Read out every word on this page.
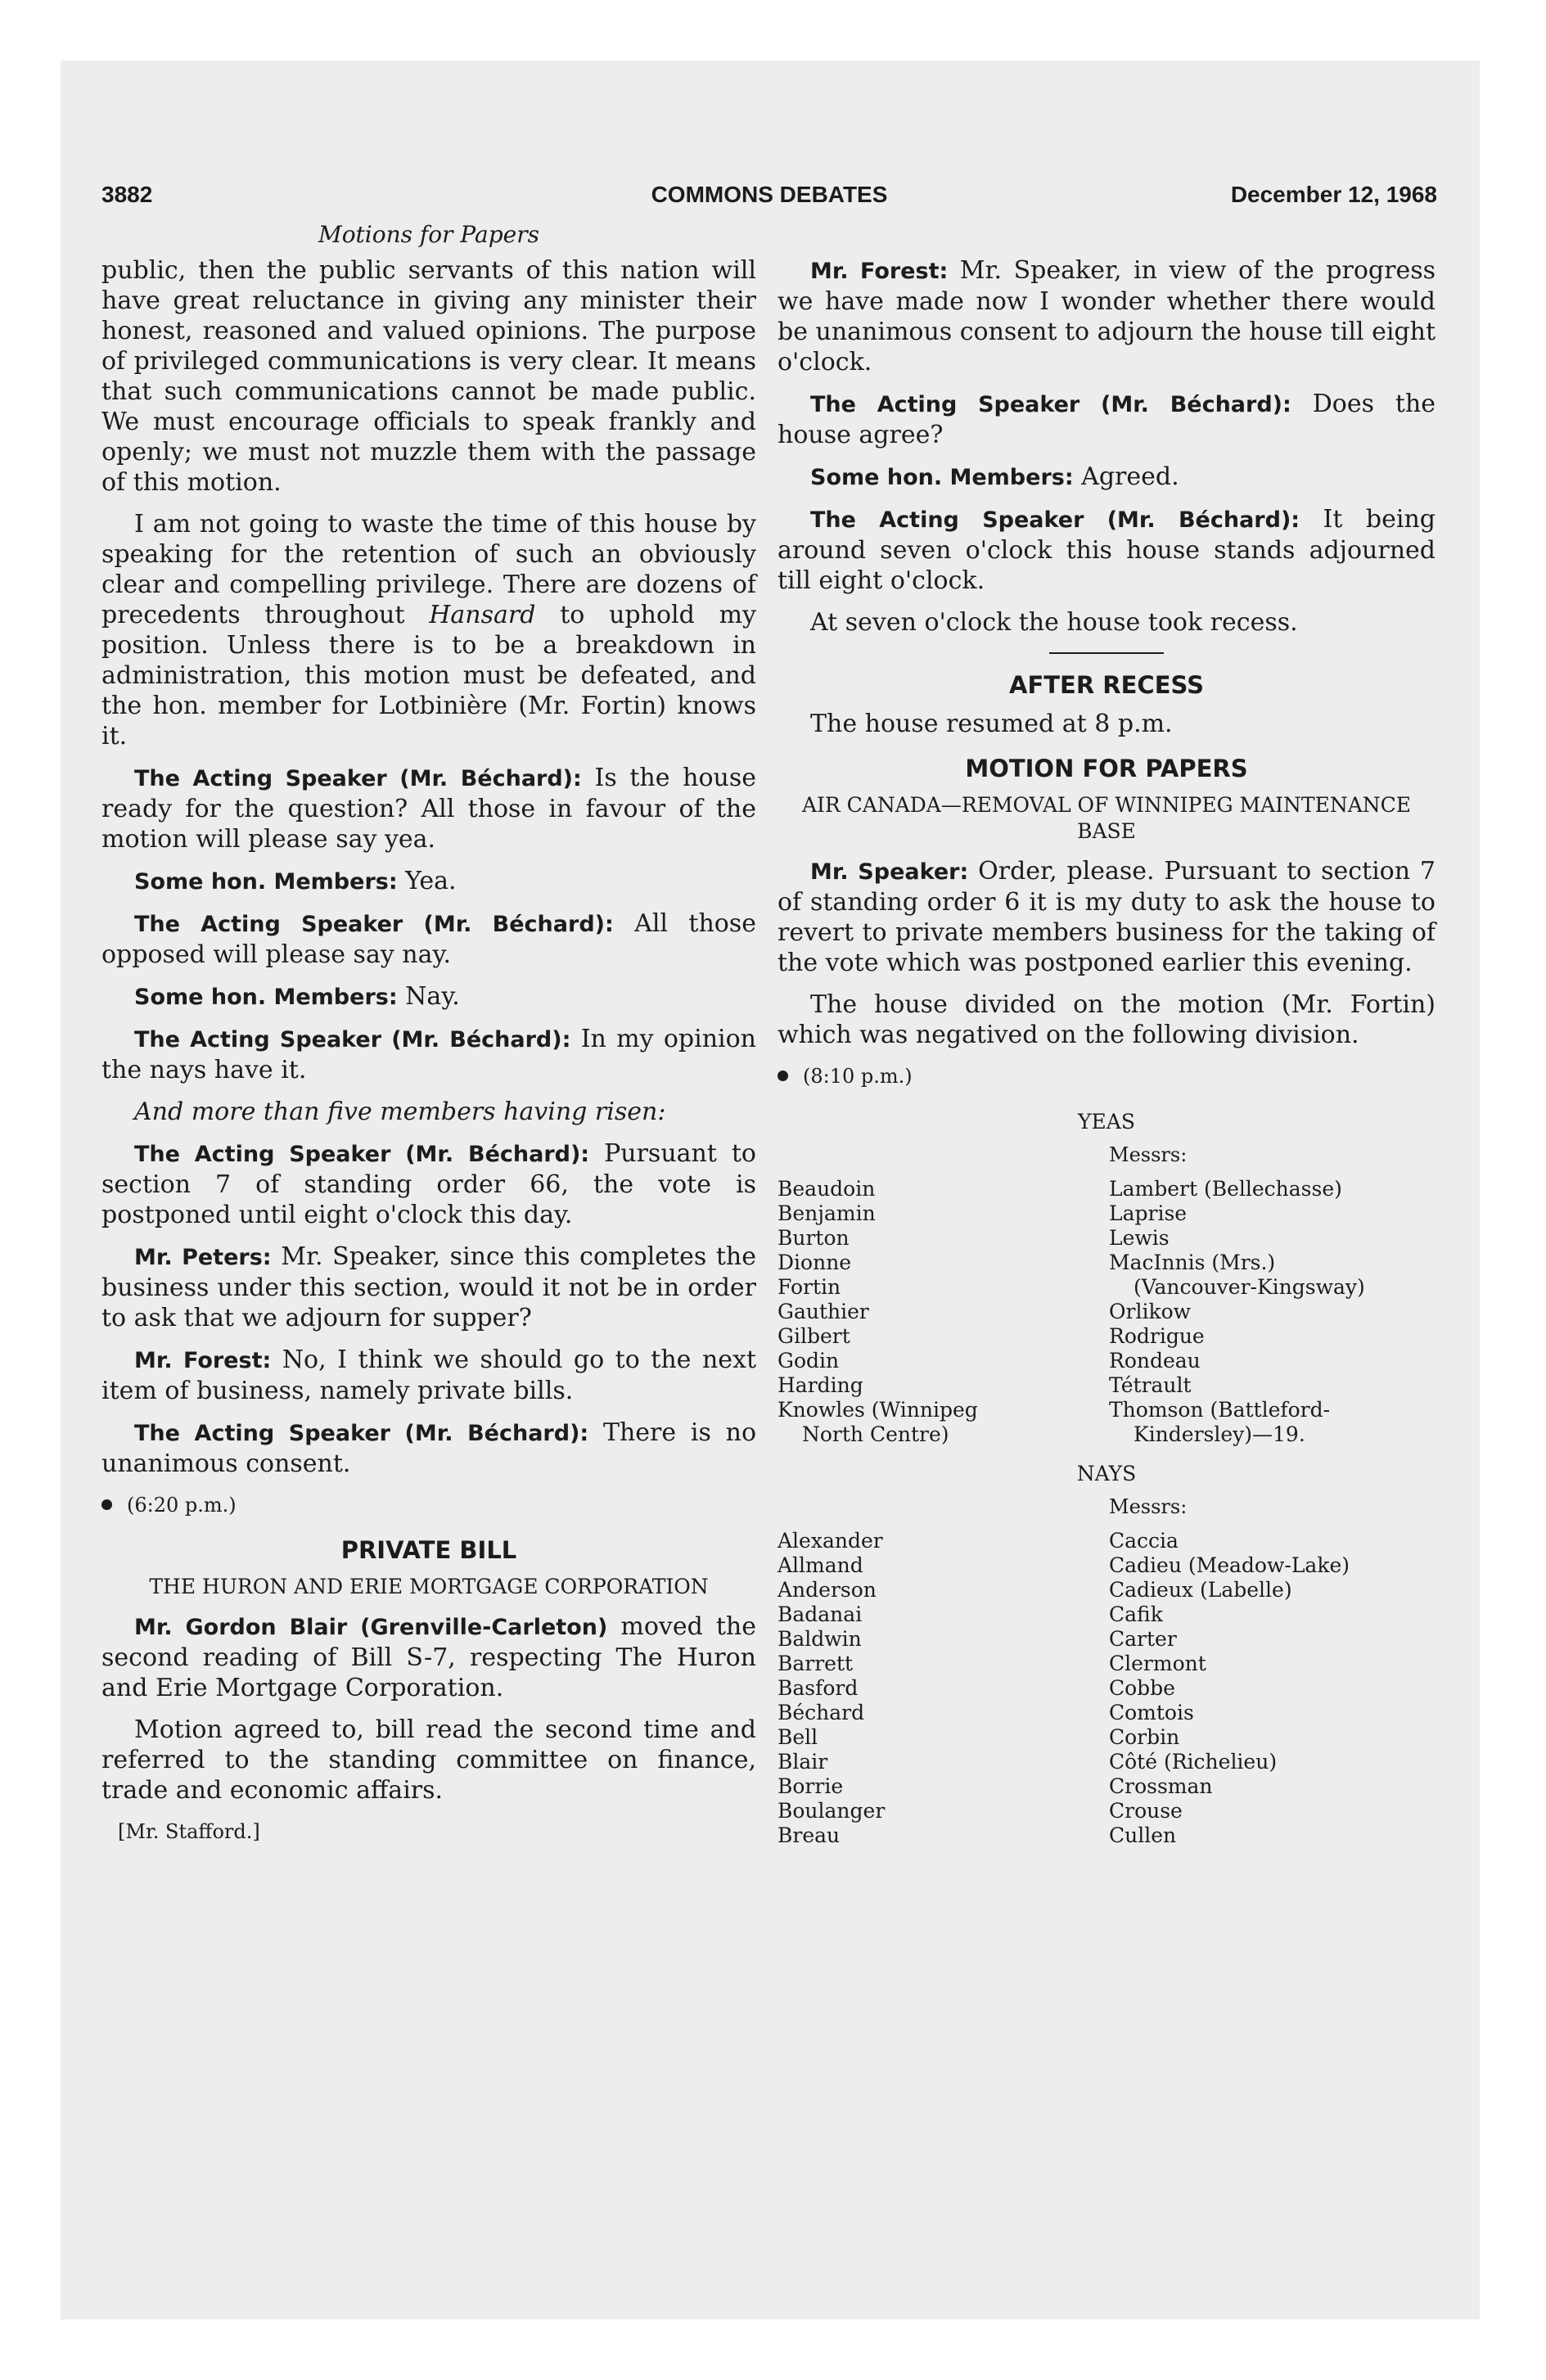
3882	COMMONS DEBATES	December 12, 1968
Motions for Papers

public, then the public servants of this nation will have great reluctance in giving any minister their honest, reasoned and valued opinions. The purpose of privileged communications is very clear. It means that such communications cannot be made public. We must encourage officials to speak frankly and openly; we must not muzzle them with the passage of this motion.

I am not going to waste the time of this house by speaking for the retention of such an obviously clear and compelling privilege. There are dozens of precedents throughout Hansard to uphold my position. Unless there is to be a breakdown in administration, this motion must be defeated, and the hon. member for Lotbinière (Mr. Fortin) knows it.

The Acting Speaker (Mr. Béchard): Is the house ready for the question? All those in favour of the motion will please say yea.

Some hon. Members: Yea.

The Acting Speaker (Mr. Béchard): All those opposed will please say nay.

Some hon. Members: Nay.

The Acting Speaker (Mr. Béchard): In my opinion the nays have it.

And more than five members having risen:

The Acting Speaker (Mr. Béchard): Pursuant to section 7 of standing order 66, the vote is postponed until eight o'clock this day.

Mr. Peters: Mr. Speaker, since this completes the business under this section, would it not be in order to ask that we adjourn for supper?

Mr. Forest: No, I think we should go to the next item of business, namely private bills.

The Acting Speaker (Mr. Béchard): There is no unanimous consent.

(6:20 p.m.)
PRIVATE BILL
THE HURON AND ERIE MORTGAGE CORPORATION

Mr. Gordon Blair (Grenville-Carleton) moved the second reading of Bill S-7, respecting The Huron and Erie Mortgage Corporation.

Motion agreed to, bill read the second time and referred to the standing committee on finance, trade and economic affairs.

[Mr. Stafford.]

Mr. Forest: Mr. Speaker, in view of the progress we have made now I wonder whether there would be unanimous consent to adjourn the house till eight o'clock.

The Acting Speaker (Mr. Béchard): Does the house agree?

Some hon. Members: Agreed.

The Acting Speaker (Mr. Béchard): It being around seven o'clock this house stands adjourned till eight o'clock.

At seven o'clock the house took recess.

AFTER RECESS

The house resumed at 8 p.m.

MOTION FOR PAPERS
AIR CANADA—REMOVAL OF WINNIPEG MAINTENANCE BASE

Mr. Speaker: Order, please. Pursuant to section 7 of standing order 6 it is my duty to ask the house to revert to private members business for the taking of the vote which was postponed earlier this evening.

The house divided on the motion (Mr. Fortin) which was negatived on the following division.

(8:10 p.m.)
YEAS
Messrs:
Beaudoin
Benjamin
Burton
Dionne
Fortin
Gauthier
Gilbert
Godin
Harding
Knowles (Winnipeg
North Centre)
Lambert (Bellechasse)
Laprise
Lewis
MacInnis (Mrs.)
(Vancouver-Kingsway)
Orlikow
Rodrigue
Rondeau
Tétrault
Thomson (Battleford-
Kindersley)—19.
NAYS
Messrs:
Alexander
Allmand
Anderson
Badanai
Baldwin
Barrett
Basford
Béchard
Bell
Blair
Borrie
Boulanger
Breau
Caccia
Cadieu (Meadow-Lake)
Cadieux (Labelle)
Cafik
Carter
Clermont
Cobbe
Comtois
Corbin
Côté (Richelieu)
Crossman
Crouse
Cullen
